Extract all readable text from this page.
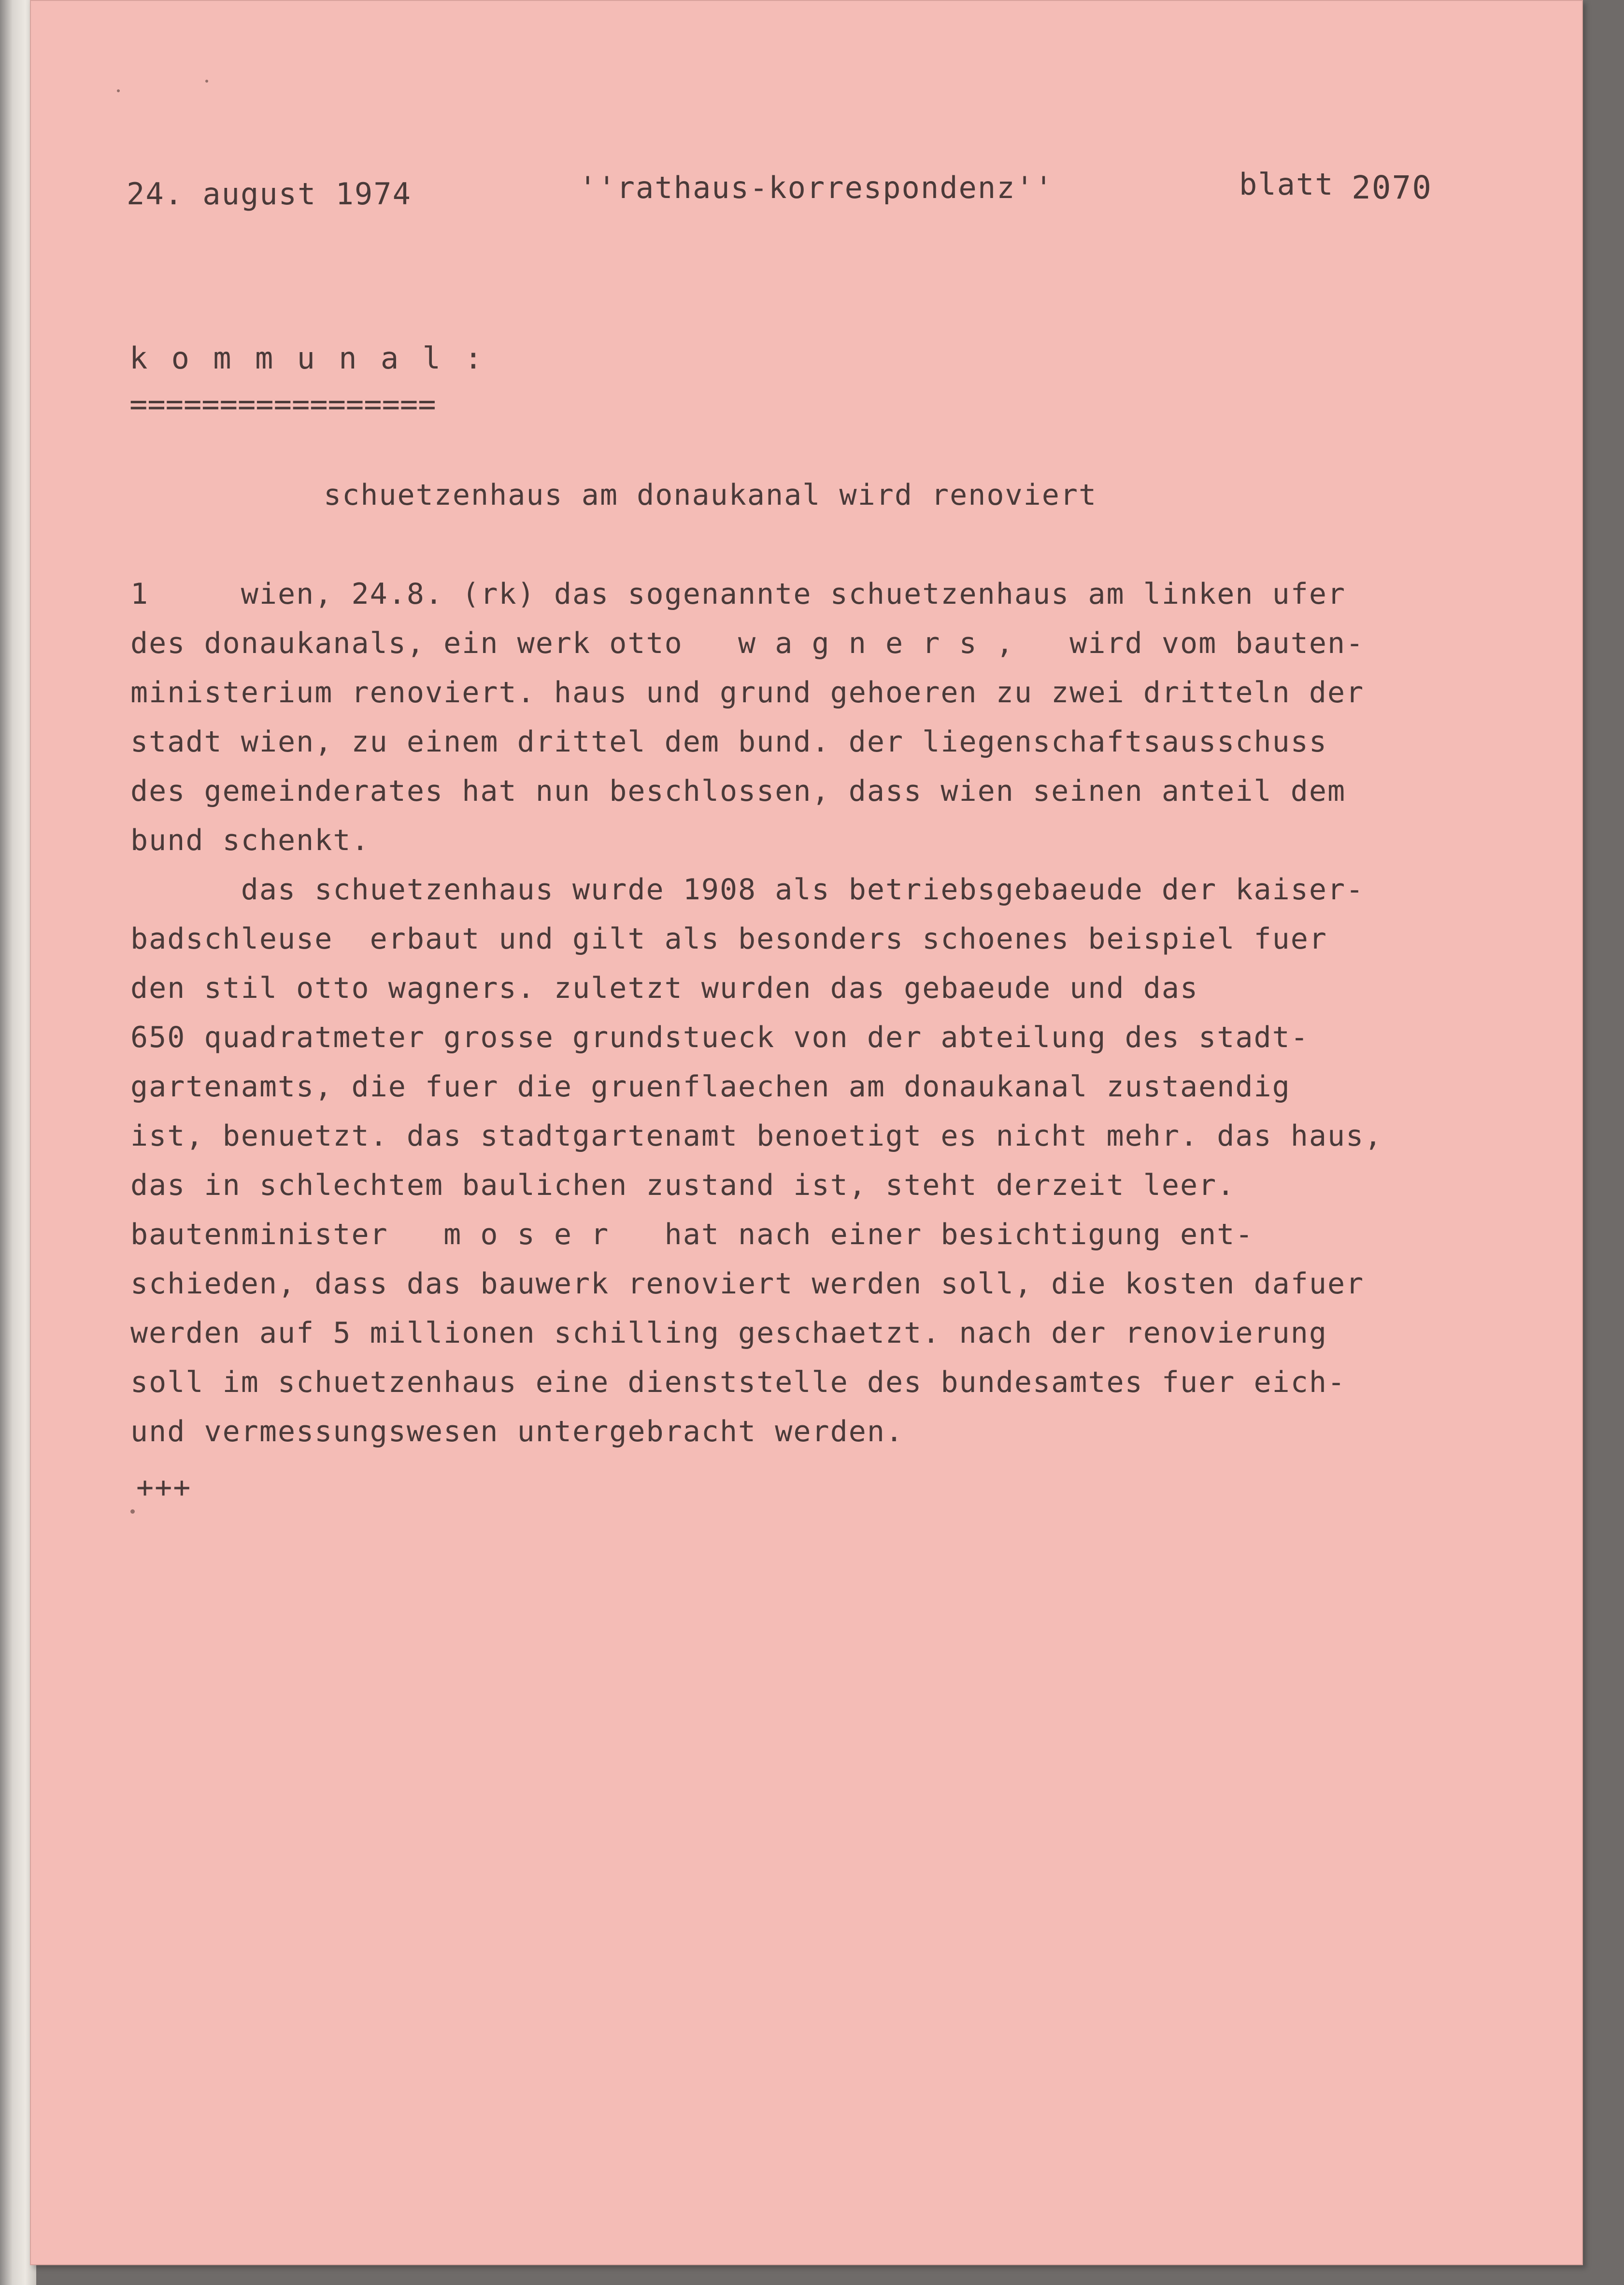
24. august 1974	''rathaus-korrespondenz''	blatt 2070
k o m m u n a l :
=================
schuetzenhaus am donaukanal wird renoviert
1     wien, 24.8. (rk) das sogenannte schuetzenhaus am linken ufer
des donaukanals, ein werk otto   w a g n e r s ,   wird vom bauten-
ministerium renoviert. haus und grund gehoeren zu zwei dritteln der
stadt wien, zu einem drittel dem bund. der liegenschaftsausschuss
des gemeinderates hat nun beschlossen, dass wien seinen anteil dem
bund schenkt.
das schuetzenhaus wurde 1908 als betriebsgebaeude der kaiser-
badschleuse  erbaut und gilt als besonders schoenes beispiel fuer
den stil otto wagners. zuletzt wurden das gebaeude und das
650 quadratmeter grosse grundstueck von der abteilung des stadt-
gartenamts, die fuer die gruenflaechen am donaukanal zustaendig
ist, benuetzt. das stadtgartenamt benoetigt es nicht mehr. das haus,
das in schlechtem baulichen zustand ist, steht derzeit leer.
bautenminister   m o s e r   hat nach einer besichtigung ent-
schieden, dass das bauwerk renoviert werden soll, die kosten dafuer
werden auf 5 millionen schilling geschaetzt. nach der renovierung
soll im schuetzenhaus eine dienststelle des bundesamtes fuer eich-
und vermessungswesen untergebracht werden.
+++
